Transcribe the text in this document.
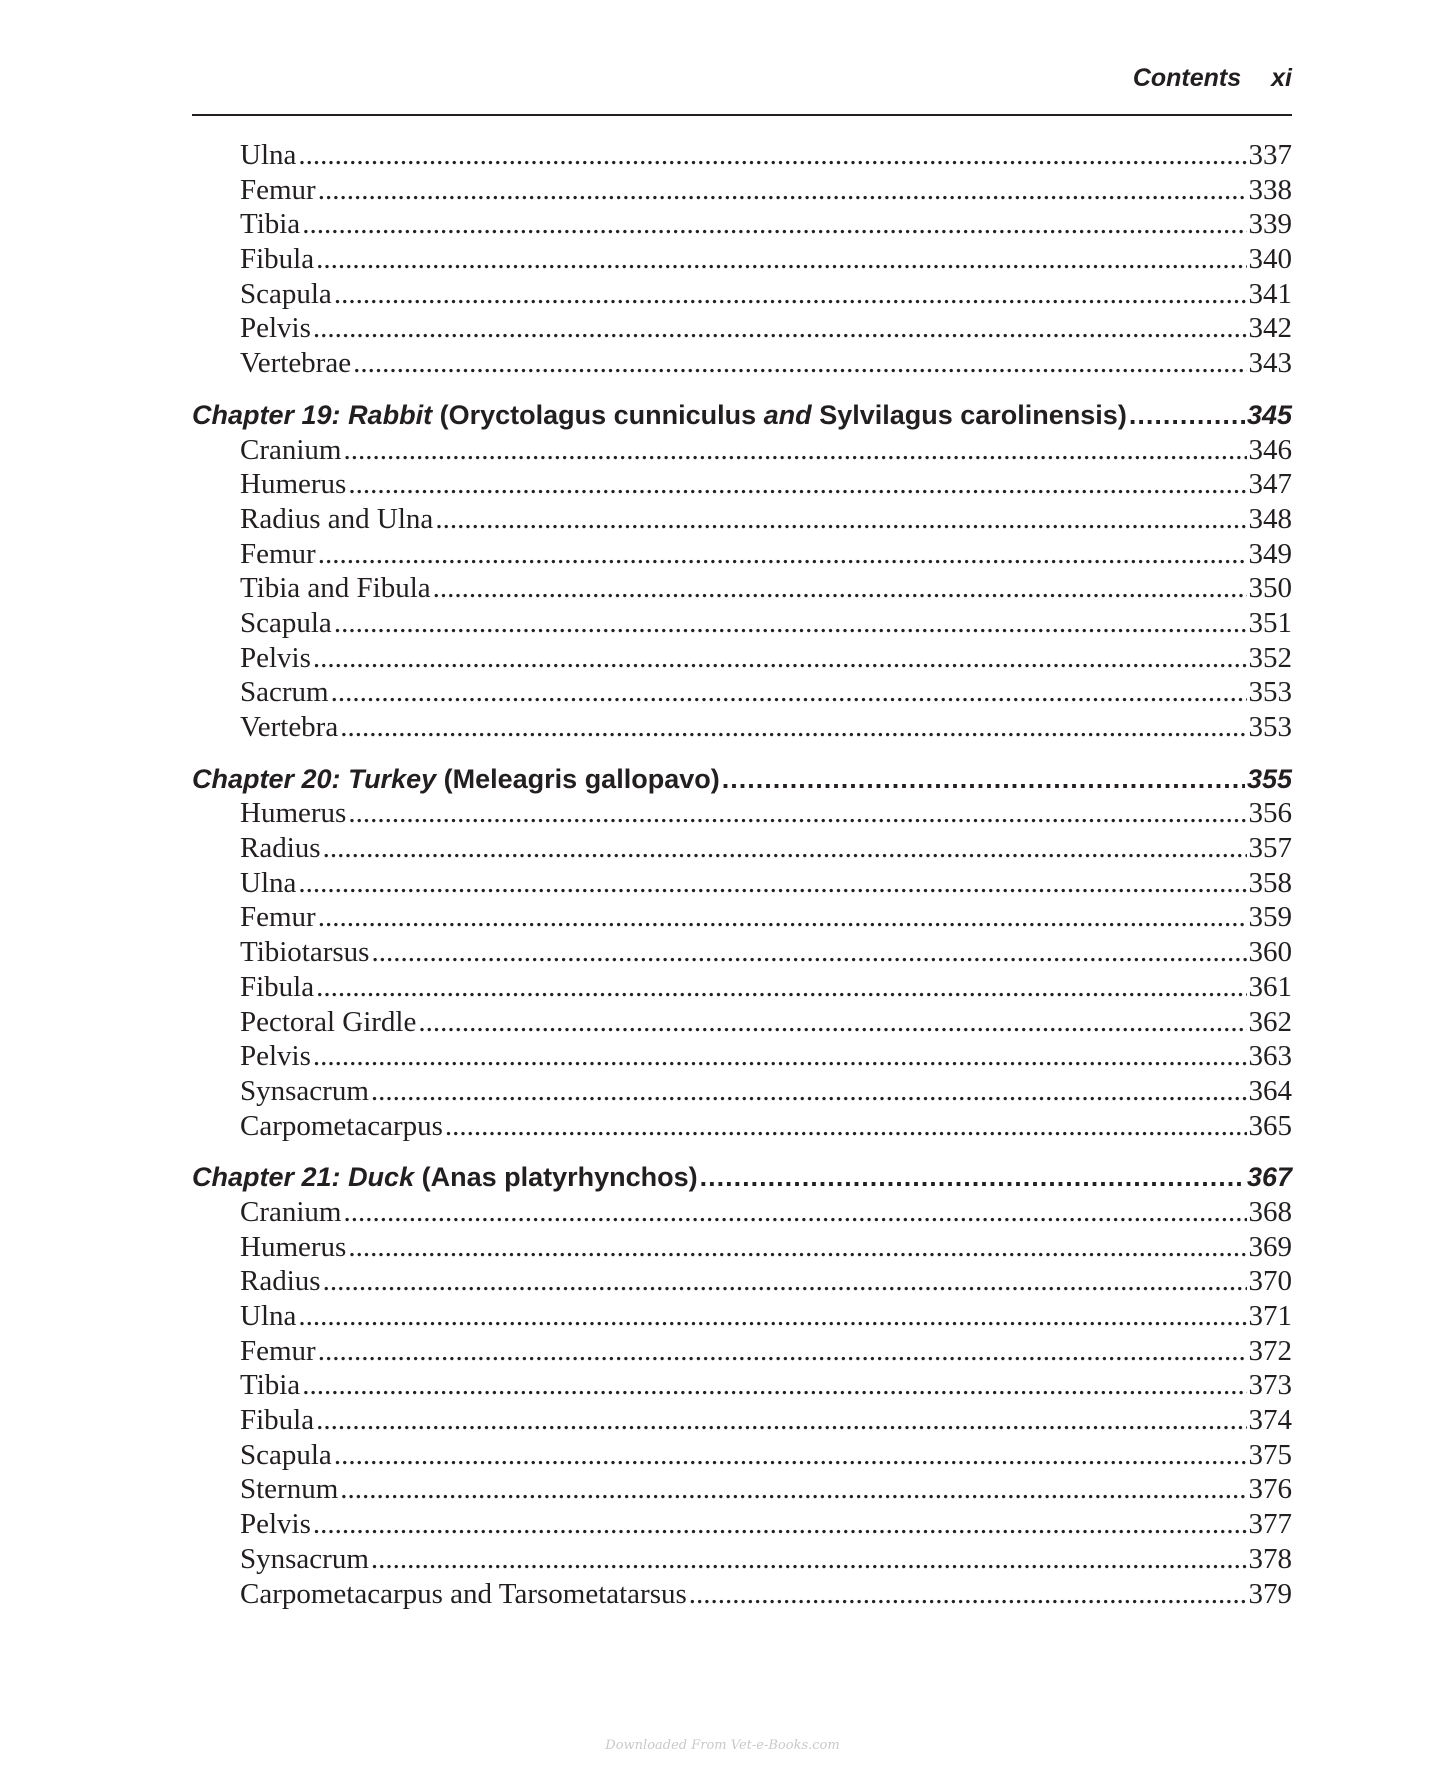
Contents xi
Ulna .....	337
Femur .....	338
Tibia .....	339
Fibula .....	340
Scapula .....	341
Pelvis .....	342
Vertebrae .....	343
Chapter 19: Rabbit (Oryctolagus cunniculus and Sylvilagus carolinensis) .....	345
Cranium .....	346
Humerus .....	347
Radius and Ulna .....	348
Femur .....	349
Tibia and Fibula .....	350
Scapula .....	351
Pelvis .....	352
Sacrum .....	353
Vertebra .....	353
Chapter 20: Turkey (Meleagris gallopavo) .....	355
Humerus .....	356
Radius .....	357
Ulna .....	358
Femur .....	359
Tibiotarsus .....	360
Fibula .....	361
Pectoral Girdle .....	362
Pelvis .....	363
Synsacrum .....	364
Carpometacarpus .....	365
Chapter 21: Duck (Anas platyrhynchos) .....	367
Cranium .....	368
Humerus .....	369
Radius .....	370
Ulna .....	371
Femur .....	372
Tibia .....	373
Fibula .....	374
Scapula .....	375
Sternum .....	376
Pelvis .....	377
Synsacrum .....	378
Carpometacarpus and Tarsometatarsus .....	379
Downloaded From Vet-e-Books.com
